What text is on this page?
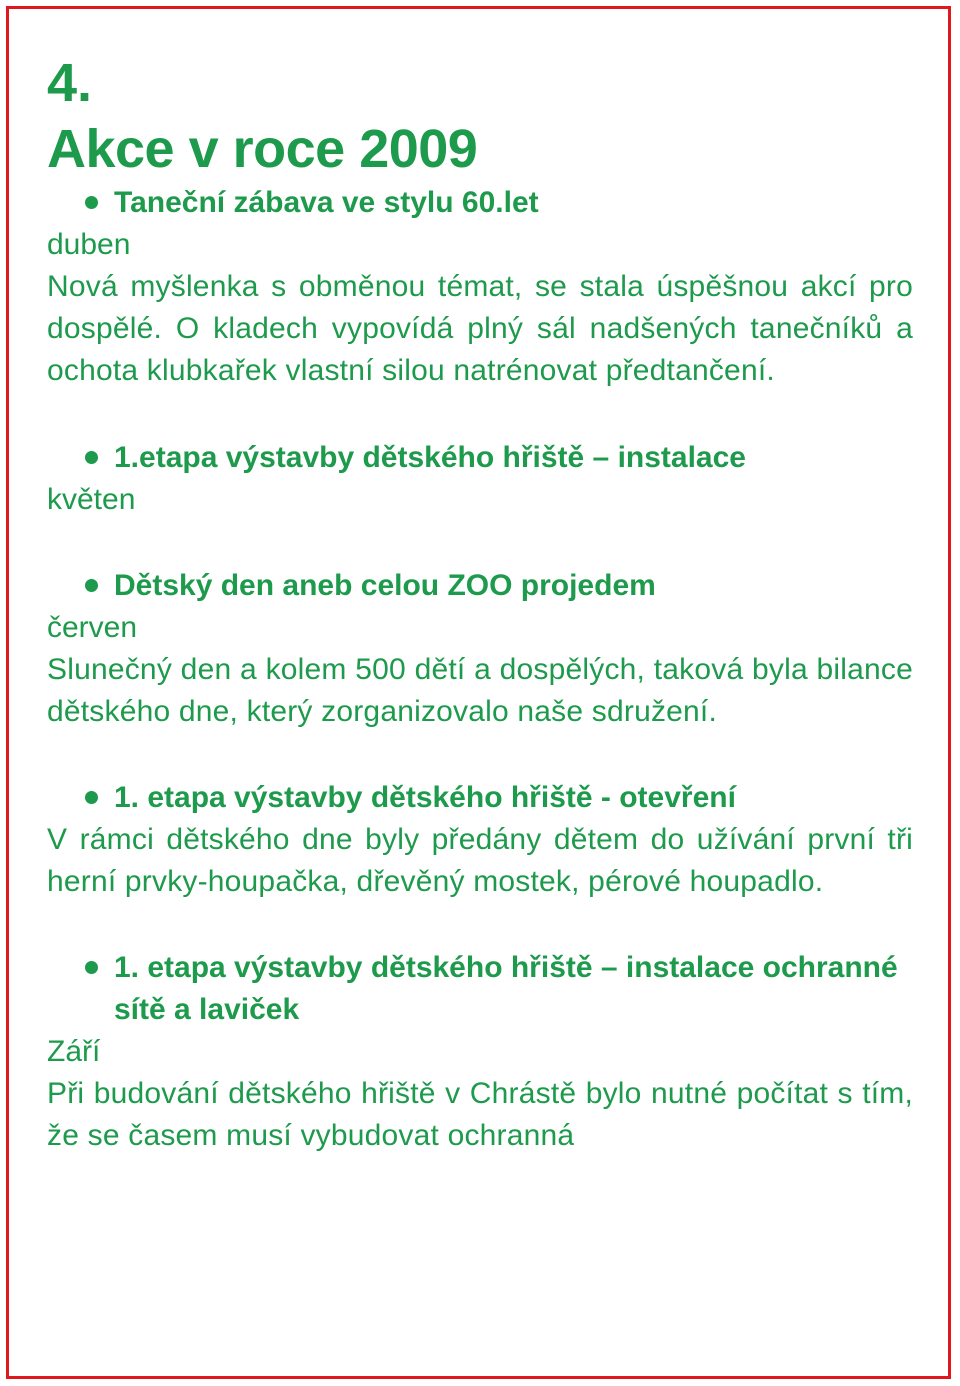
4.
Akce v roce 2009
Taneční zábava ve stylu 60.let
duben
Nová myšlenka s obměnou témat, se stala úspěšnou akcí pro dospělé. O kladech vypovídá plný sál nadšených tanečníků a ochota klubkařek vlastní silou natrénovat předtančení.
1.etapa výstavby dětského hřiště – instalace
květen
Dětský den aneb celou ZOO projedem
červen
Slunečný den a kolem 500 dětí a dospělých, taková byla bilance dětského dne, který zorganizovalo naše sdružení.
1. etapa výstavby dětského hřiště - otevření
V rámci dětského dne byly předány dětem do užívání první tři herní prvky-houpačka, dřevěný mostek, pérové houpadlo.
1. etapa výstavby dětského hřiště – instalace ochranné sítě a laviček
Září
Při budování dětského hřiště v Chrástě bylo nutné počítat s tím, že se časem musí vybudovat ochranná
